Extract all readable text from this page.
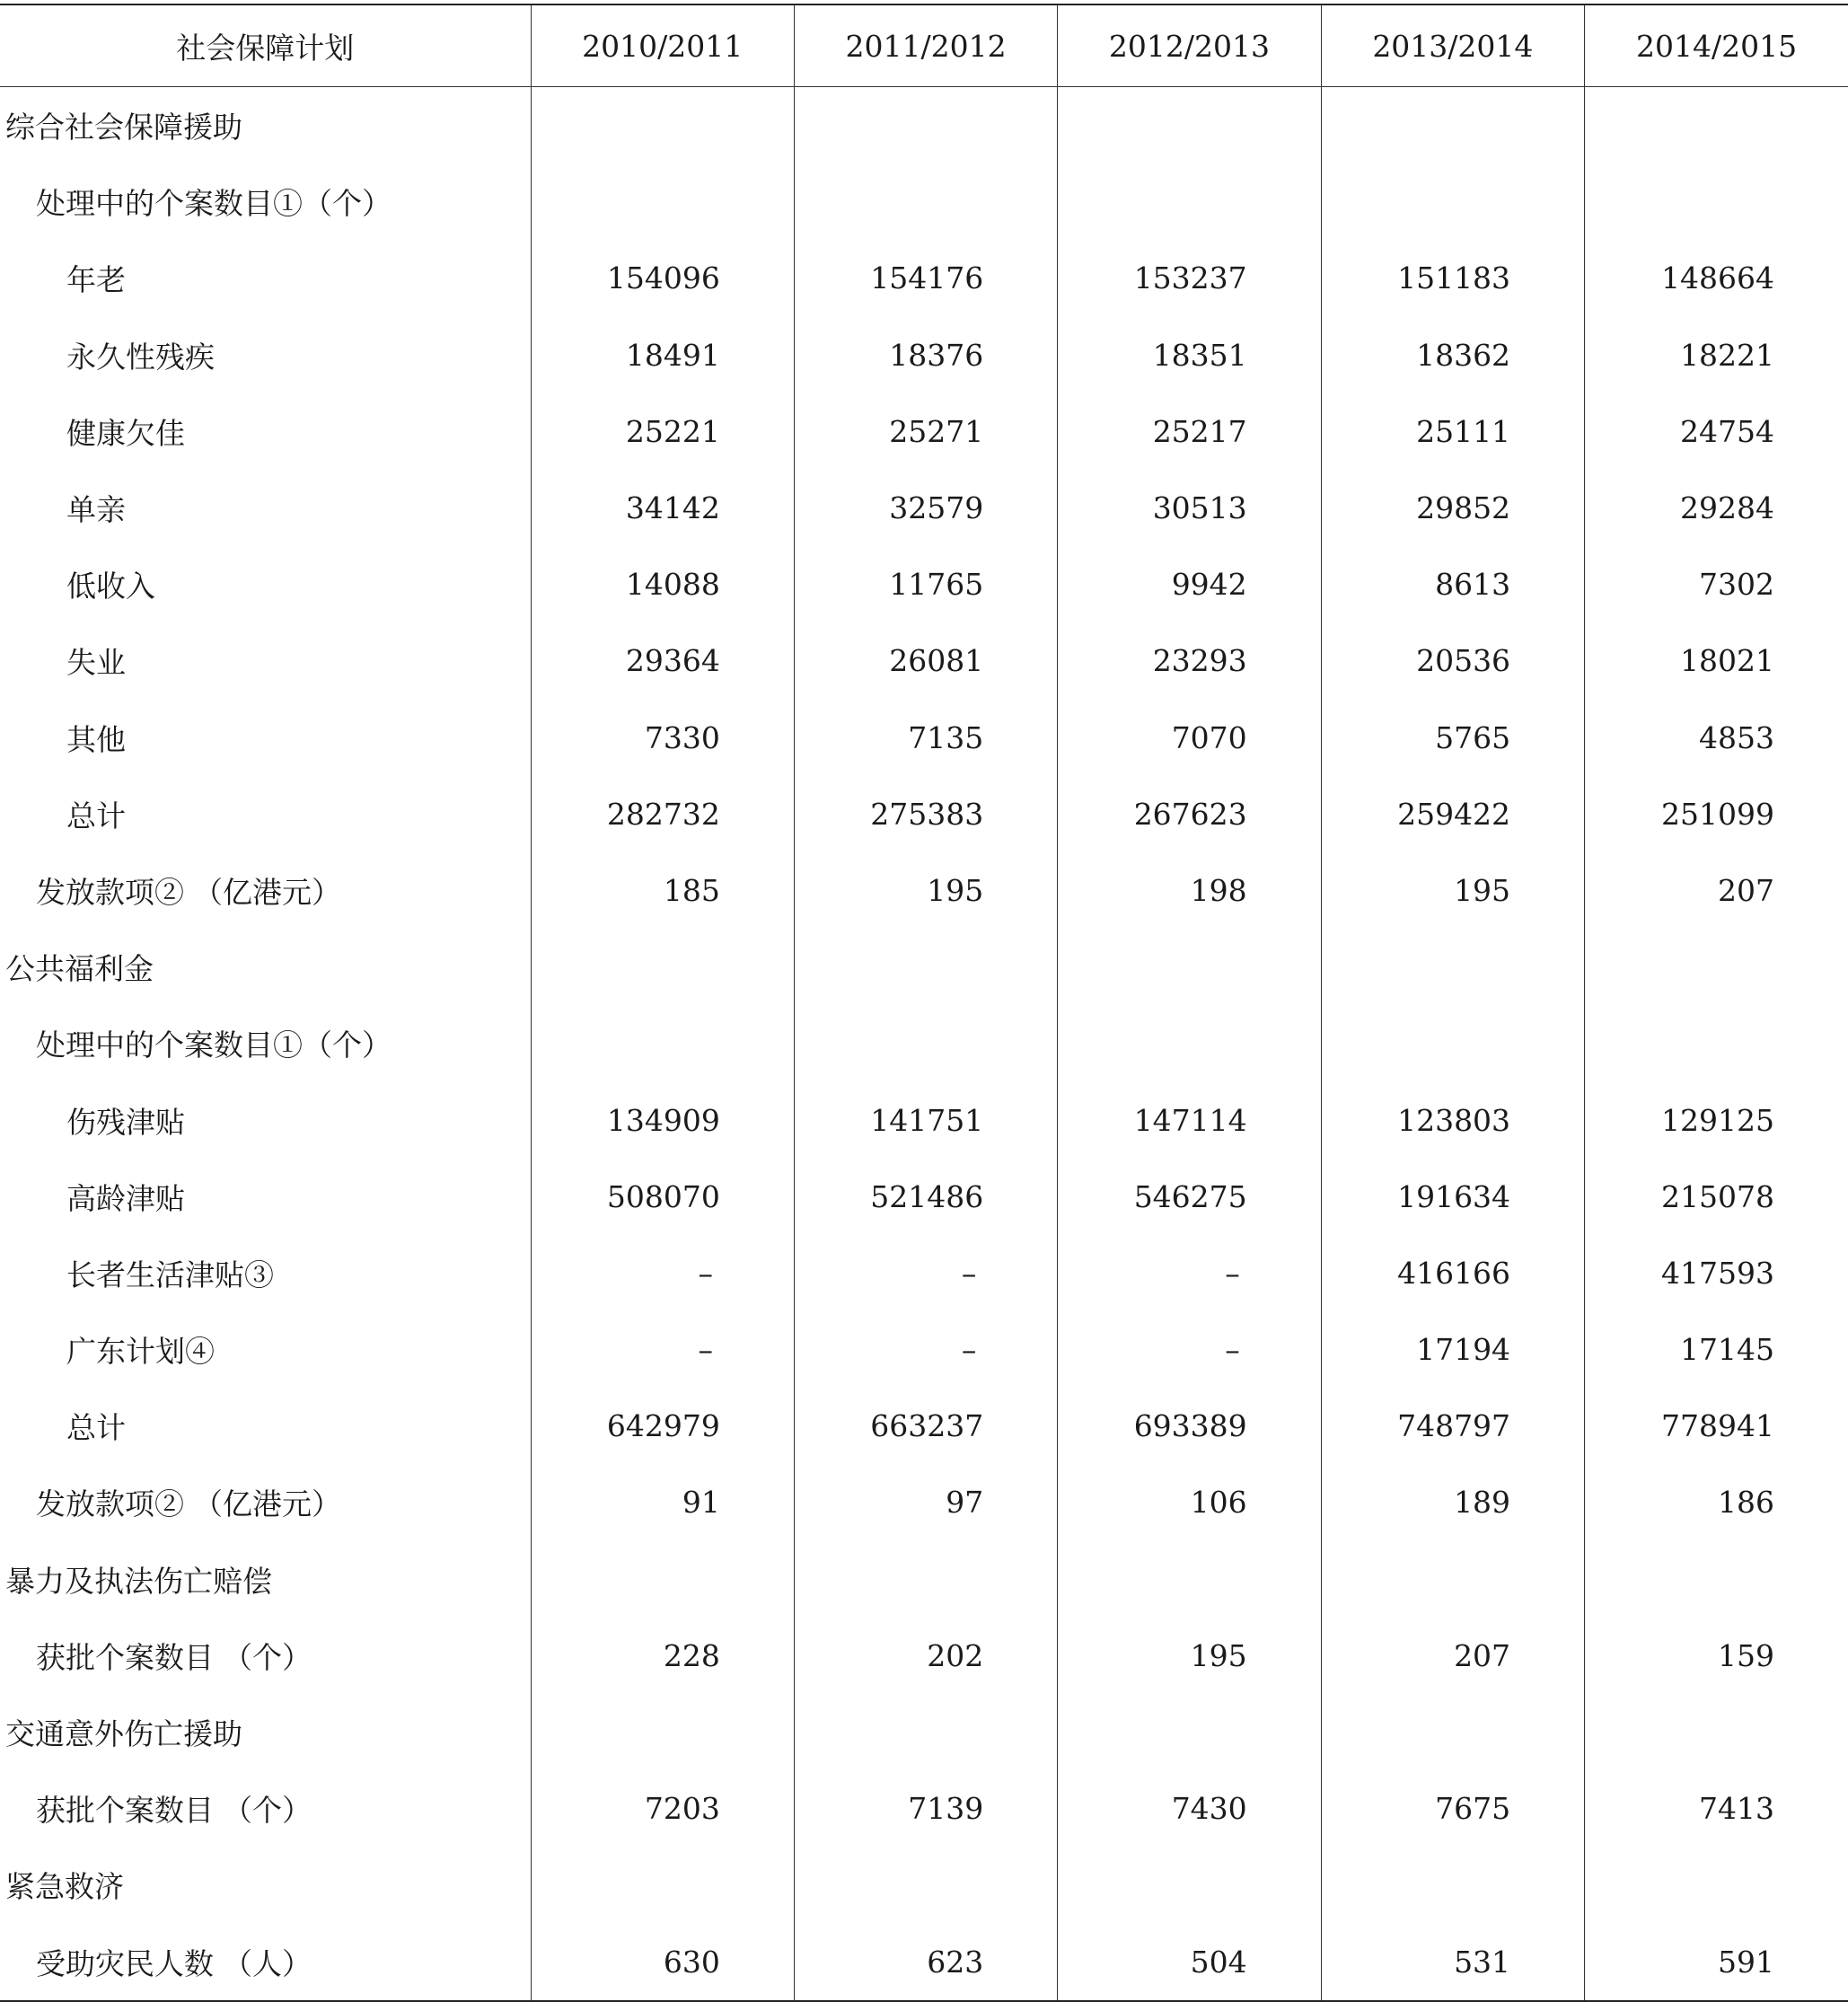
社会保障计划	2010/2011	2011/2012	2012/2013	2013/2014	2014/2015
综合社会保障援助					
处理中的个案数目①（个）					
年老	154096	154176	153237	151183	148664
永久性残疾	18491	18376	18351	18362	18221
健康欠佳	25221	25271	25217	25111	24754
单亲	34142	32579	30513	29852	29284
低收入	14088	11765	9942	8613	7302
失业	29364	26081	23293	20536	18021
其他	7330	7135	7070	5765	4853
总计	282732	275383	267623	259422	251099
发放款项② （亿港元）	185	195	198	195	207
公共福利金					
处理中的个案数目①（个）					
伤残津贴	134909	141751	147114	123803	129125
高龄津贴	508070	521486	546275	191634	215078
长者生活津贴③	–	–	–	416166	417593
广东计划④	–	–	–	17194	17145
总计	642979	663237	693389	748797	778941
发放款项② （亿港元）	91	97	106	189	186
暴力及执法伤亡赔偿					
获批个案数目 （个）	228	202	195	207	159
交通意外伤亡援助					
获批个案数目 （个）	7203	7139	7430	7675	7413
紧急救济					
受助灾民人数 （人）	630	623	504	531	591
